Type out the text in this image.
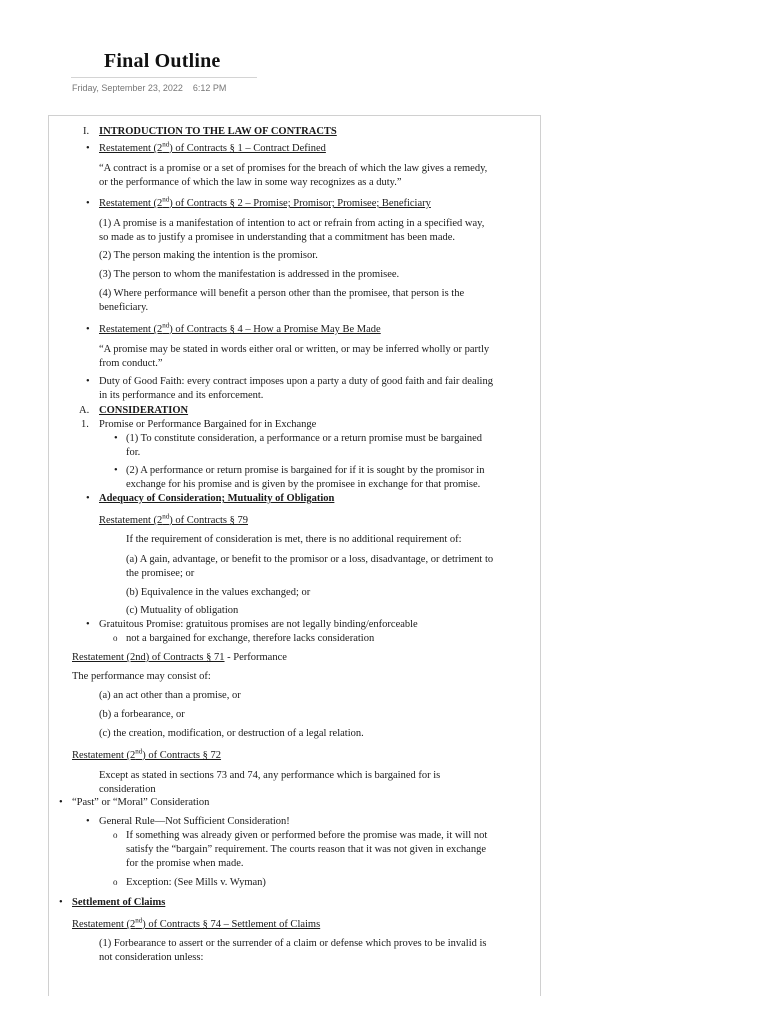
Final Outline
Friday, September 23, 2022 6:12 PM
I. INTRODUCTION TO THE LAW OF CONTRACTS
• Restatement (2nd) of Contracts § 1 – Contract Defined
“A contract is a promise or a set of promises for the breach of which the law gives a remedy,
or the performance of which the law in some way recognizes as a duty.”
• Restatement (2nd) of Contracts § 2 – Promise; Promisor; Promisee; Beneficiary
(1) A promise is a manifestation of intention to act or refrain from acting in a specified way,
so made as to justify a promisee in understanding that a commitment has been made.
(2) The person making the intention is the promisor.
(3) The person to whom the manifestation is addressed in the promisee.
(4) Where performance will benefit a person other than the promisee, that person is the
beneficiary.
• Restatement (2nd) of Contracts § 4 – How a Promise May Be Made
“A promise may be stated in words either oral or written, or may be inferred wholly or partly
from conduct.”
• Duty of Good Faith: every contract imposes upon a party a duty of good faith and fair dealing
in its performance and its enforcement.
A. CONSIDERATION
1. Promise or Performance Bargained for in Exchange
• (1) To constitute consideration, a performance or a return promise must be bargained
for.
• (2) A performance or return promise is bargained for if it is sought by the promisor in
exchange for his promise and is given by the promisee in exchange for that promise.
• Adequacy of Consideration; Mutuality of Obligation
Restatement (2nd) of Contracts § 79
If the requirement of consideration is met, there is no additional requirement of:
(a) A gain, advantage, or benefit to the promisor or a loss, disadvantage, or detriment to
the promisee; or
(b) Equivalence in the values exchanged; or
(c) Mutuality of obligation
• Gratuitous Promise: gratuitous promises are not legally binding/enforceable
o not a bargained for exchange, therefore lacks consideration
Restatement (2nd) of Contracts § 71 - Performance
The performance may consist of:
(a) an act other than a promise, or
(b) a forbearance, or
(c) the creation, modification, or destruction of a legal relation.
Restatement (2nd) of Contracts § 72
Except as stated in sections 73 and 74, any performance which is bargained for is
consideration
• “Past” or “Moral” Consideration
• General Rule—Not Sufficient Consideration!
o If something was already given or performed before the promise was made, it will not
satisfy the “bargain” requirement. The courts reason that it was not given in exchange
for the promise when made.
o Exception: (See Mills v. Wyman)
• Settlement of Claims
Restatement (2nd) of Contracts § 74 – Settlement of Claims
(1) Forbearance to assert or the surrender of a claim or defense which proves to be invalid is
not consideration unless:
